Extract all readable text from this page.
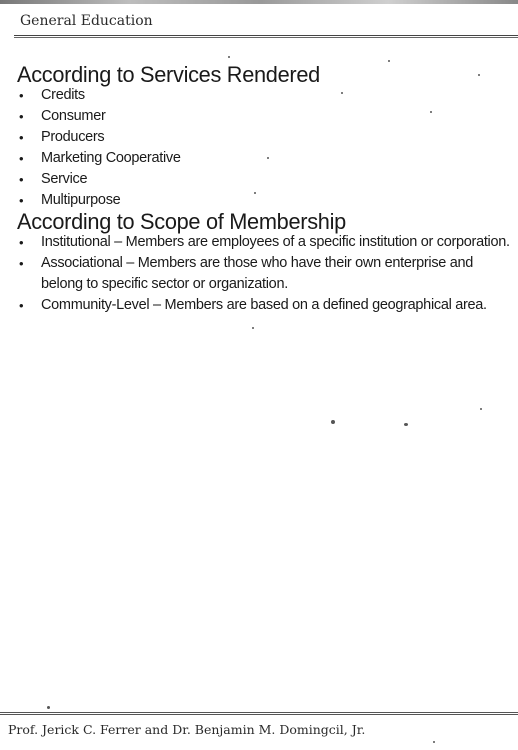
General Education
According to Services Rendered
• Credits
• Consumer
• Producers
• Marketing Cooperative
• Service
• Multipurpose
According to Scope of Membership
• Institutional – Members are employees of a specific institution or corporation.
• Associational – Members are those who have their own enterprise and belong to specific sector or organization.
• Community-Level – Members are based on a defined geographical area.
Prof. Jerick C. Ferrer and Dr. Benjamin M. Domingcil, Jr.
